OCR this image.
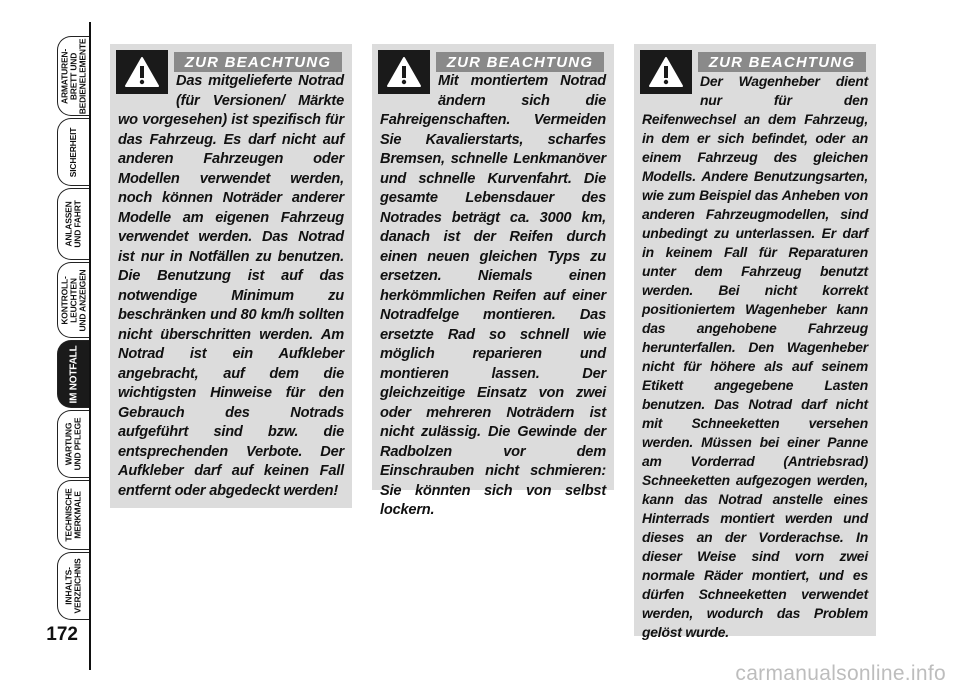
ARMATUREN-
BRETT UND
BEDIENELEMENTE
SICHERHEIT
ANLASSEN
UND FAHRT
KONTROLL-
LEUCHTEN
UND ANZEIGEN
IM NOTFALL
WARTUNG
UND PFLEGE
TECHNISCHE
MERKMALE
INHALTS-
VERZEICHNIS
172
ZUR BEACHTUNG
Das mitgelieferte Notrad (für Versionen/ Märkte wo vorgesehen) ist spezifisch für das Fahrzeug. Es darf nicht auf anderen Fahrzeugen oder Modellen verwendet werden, noch können Noträder anderer Modelle am eigenen Fahrzeug verwendet werden. Das Notrad ist nur in Notfällen zu benutzen. Die Benutzung ist auf das notwendige Minimum zu beschränken und 80 km/h sollten nicht überschritten werden. Am Notrad ist ein Aufkleber angebracht, auf dem die wichtigsten Hinweise für den Gebrauch des Notrads aufgeführt sind bzw. die entsprechenden Verbote. Der Aufkleber darf auf keinen Fall entfernt oder abgedeckt werden!
ZUR BEACHTUNG
Mit montiertem Notrad ändern sich die Fahreigenschaften. Vermeiden Sie Kavalierstarts, scharfes Bremsen, schnelle Lenkmanöver und schnelle Kurvenfahrt. Die gesamte Lebensdauer des Notrades beträgt ca. 3000 km, danach ist der Reifen durch einen neuen gleichen Typs zu ersetzen. Niemals einen herkömmlichen Reifen auf einer Notradfelge montieren. Das ersetzte Rad so schnell wie möglich reparieren und montieren lassen. Der gleichzeitige Einsatz von zwei oder mehreren Noträdern ist nicht zulässig. Die Gewinde der Radbolzen vor dem Einschrauben nicht schmieren: Sie könnten sich von selbst lockern.
ZUR BEACHTUNG
Der Wagenheber dient nur für den Reifenwechsel an dem Fahrzeug, in dem er sich befindet, oder an einem Fahrzeug des gleichen Modells. Andere Benutzungsarten, wie zum Beispiel das Anheben von anderen Fahrzeugmodellen, sind unbedingt zu unterlassen. Er darf in keinem Fall für Reparaturen unter dem Fahrzeug benutzt werden. Bei nicht korrekt positioniertem Wagenheber kann das angehobene Fahrzeug herunterfallen. Den Wagenheber nicht für höhere als auf seinem Etikett angegebene Lasten benutzen. Das Notrad darf nicht mit Schneeketten versehen werden. Müssen bei einer Panne am Vorderrad (Antriebsrad) Schneeketten aufgezogen werden, kann das Notrad anstelle eines Hinterrads montiert werden und dieses an der Vorderachse. In dieser Weise sind vorn zwei normale Räder montiert, und es dürfen Schneeketten verwendet werden, wodurch das Problem gelöst wurde.
carmanualsonline.info
